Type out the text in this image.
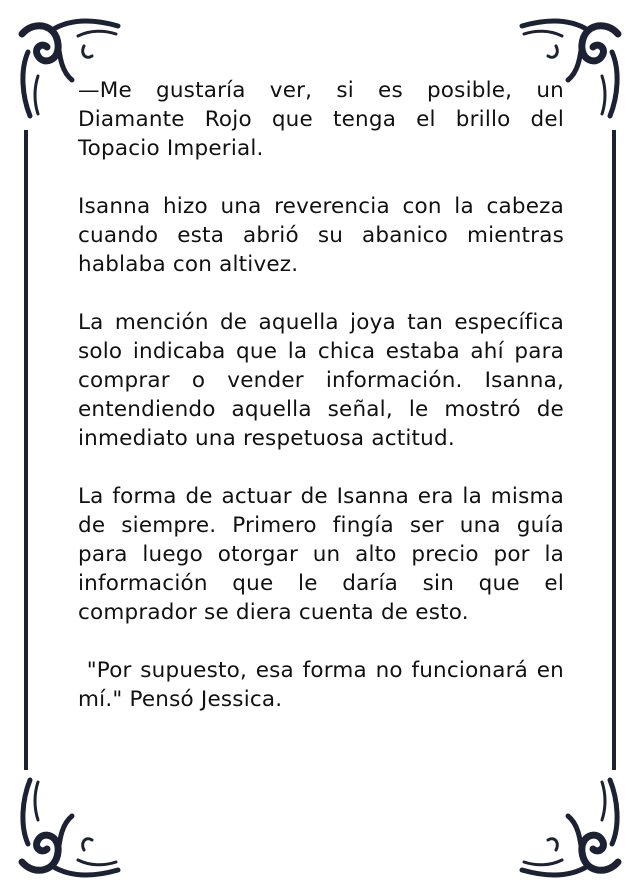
—Me gustaría ver, si es posible, un Diamante Rojo que tenga el brillo del Topacio Imperial.

Isanna hizo una reverencia con la cabeza cuando esta abrió su abanico mientras hablaba con altivez.

La mención de aquella joya tan específica solo indicaba que la chica estaba ahí para comprar o vender información. Isanna, entendiendo aquella señal, le mostró de inmediato una respetuosa actitud.

La forma de actuar de Isanna era la misma de siempre. Primero fingía ser una guía para luego otorgar un alto precio por la información que le daría sin que el comprador se diera cuenta de esto.

"Por supuesto, esa forma no funcionará en mí." Pensó Jessica.
